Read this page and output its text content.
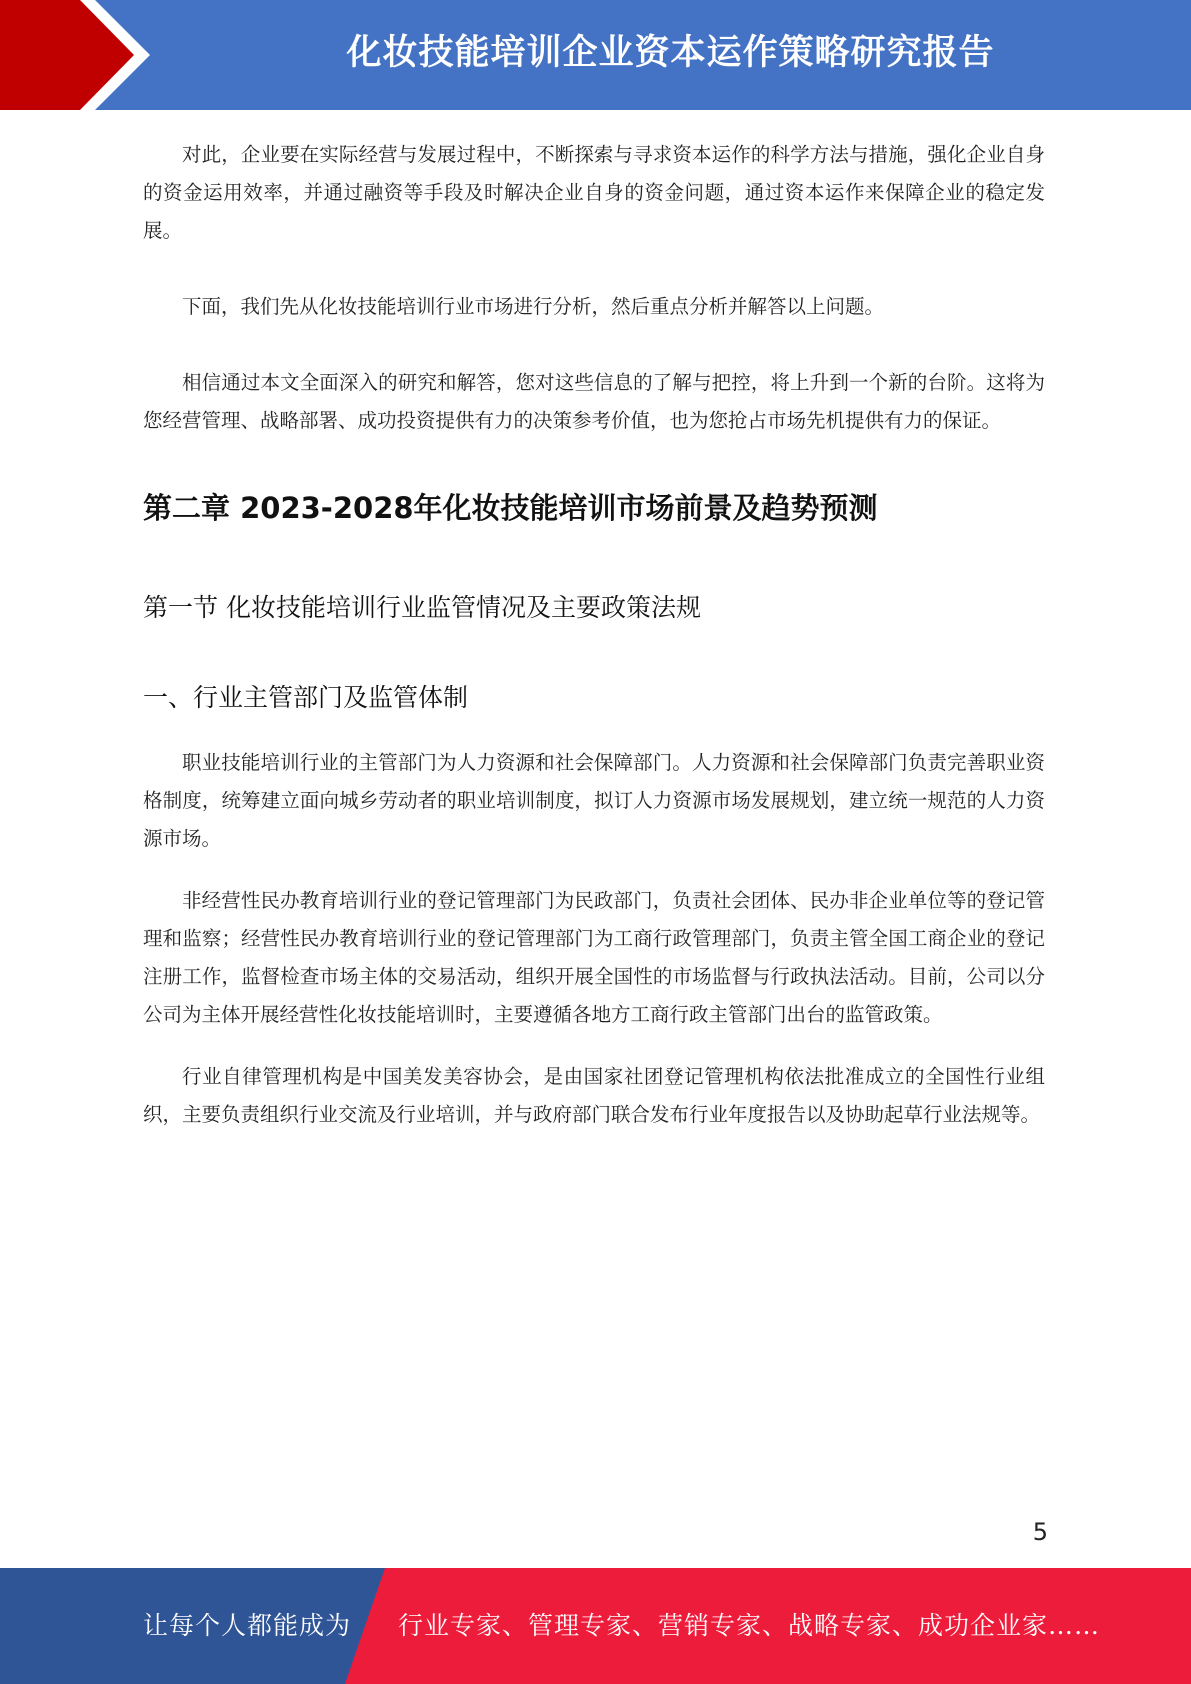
化妆技能培训企业资本运作策略研究报告

对此，企业要在实际经营与发展过程中，不断探索与寻求资本运作的科学方法与措施，强化企业自身的资金运用效率，并通过融资等手段及时解决企业自身的资金问题，通过资本运作来保障企业的稳定发展。

下面，我们先从化妆技能培训行业市场进行分析，然后重点分析并解答以上问题。

相信通过本文全面深入的研究和解答，您对这些信息的了解与把控，将上升到一个新的台阶。这将为您经营管理、战略部署、成功投资提供有力的决策参考价值，也为您抢占市场先机提供有力的保证。

第二章 2023-2028年化妆技能培训市场前景及趋势预测
第一节 化妆技能培训行业监管情况及主要政策法规
一、行业主管部门及监管体制

职业技能培训行业的主管部门为人力资源和社会保障部门。人力资源和社会保障部门负责完善职业资格制度，统筹建立面向城乡劳动者的职业培训制度，拟订人力资源市场发展规划，建立统一规范的人力资源市场。

非经营性民办教育培训行业的登记管理部门为民政部门，负责社会团体、民办非企业单位等的登记管理和监察；经营性民办教育培训行业的登记管理部门为工商行政管理部门，负责主管全国工商企业的登记注册工作，监督检查市场主体的交易活动，组织开展全国性的市场监督与行政执法活动。目前，公司以分公司为主体开展经营性化妆技能培训时，主要遵循各地方工商行政主管部门出台的监管政策。

行业自律管理机构是中国美发美容协会，是由国家社团登记管理机构依法批准成立的全国性行业组织，主要负责组织行业交流及行业培训，并与政府部门联合发布行业年度报告以及协助起草行业法规等。

5
让每个人都能成为 行业专家、管理专家、营销专家、战略专家、成功企业家……
